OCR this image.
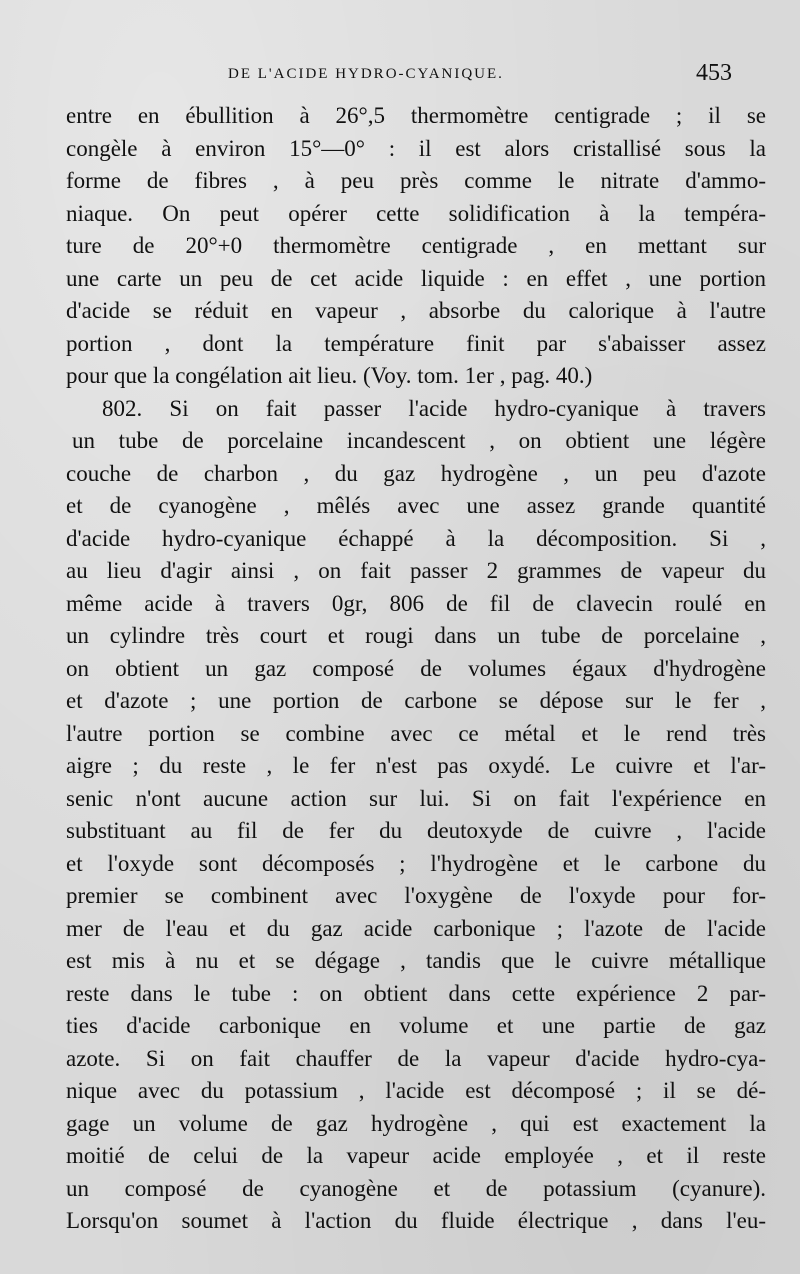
DE L'ACIDE HYDRO-CYANIQUE.	453
entre en ébullition à 26°,5 thermomètre centigrade ; il se
congèle à environ 15°—0° : il est alors cristallisé sous la
forme de fibres , à peu près comme le nitrate d'ammo-
niaque. On peut opérer cette solidification à la tempéra-
ture de 20°+0 thermomètre centigrade , en mettant sur
une carte un peu de cet acide liquide : en effet , une portion
d'acide se réduit en vapeur , absorbe du calorique à l'autre
portion , dont la température finit par s'abaisser assez
pour que la congélation ait lieu. (Voy. tom. 1er , pag. 40.)
802. Si on fait passer l'acide hydro-cyanique à travers
un tube de porcelaine incandescent , on obtient une légère
couche de charbon , du gaz hydrogène , un peu d'azote
et de cyanogène , mêlés avec une assez grande quantité
d'acide hydro-cyanique échappé à la décomposition. Si ,
au lieu d'agir ainsi , on fait passer 2 grammes de vapeur du
même acide à travers 0gr, 806 de fil de clavecin roulé en
un cylindre très court et rougi dans un tube de porcelaine ,
on obtient un gaz composé de volumes égaux d'hydrogène
et d'azote ; une portion de carbone se dépose sur le fer ,
l'autre portion se combine avec ce métal et le rend très
aigre ; du reste , le fer n'est pas oxydé. Le cuivre et l'ar-
senic n'ont aucune action sur lui. Si on fait l'expérience en
substituant au fil de fer du deutoxyde de cuivre , l'acide
et l'oxyde sont décomposés ; l'hydrogène et le carbone du
premier se combinent avec l'oxygène de l'oxyde pour for-
mer de l'eau et du gaz acide carbonique ; l'azote de l'acide
est mis à nu et se dégage , tandis que le cuivre métallique
reste dans le tube : on obtient dans cette expérience 2 par-
ties d'acide carbonique en volume et une partie de gaz
azote. Si on fait chauffer de la vapeur d'acide hydro-cya-
nique avec du potassium , l'acide est décomposé ; il se dé-
gage un volume de gaz hydrogène , qui est exactement la
moitié de celui de la vapeur acide employée , et il reste
un composé de cyanogène et de potassium (cyanure).
Lorsqu'on soumet à l'action du fluide électrique , dans l'eu-
